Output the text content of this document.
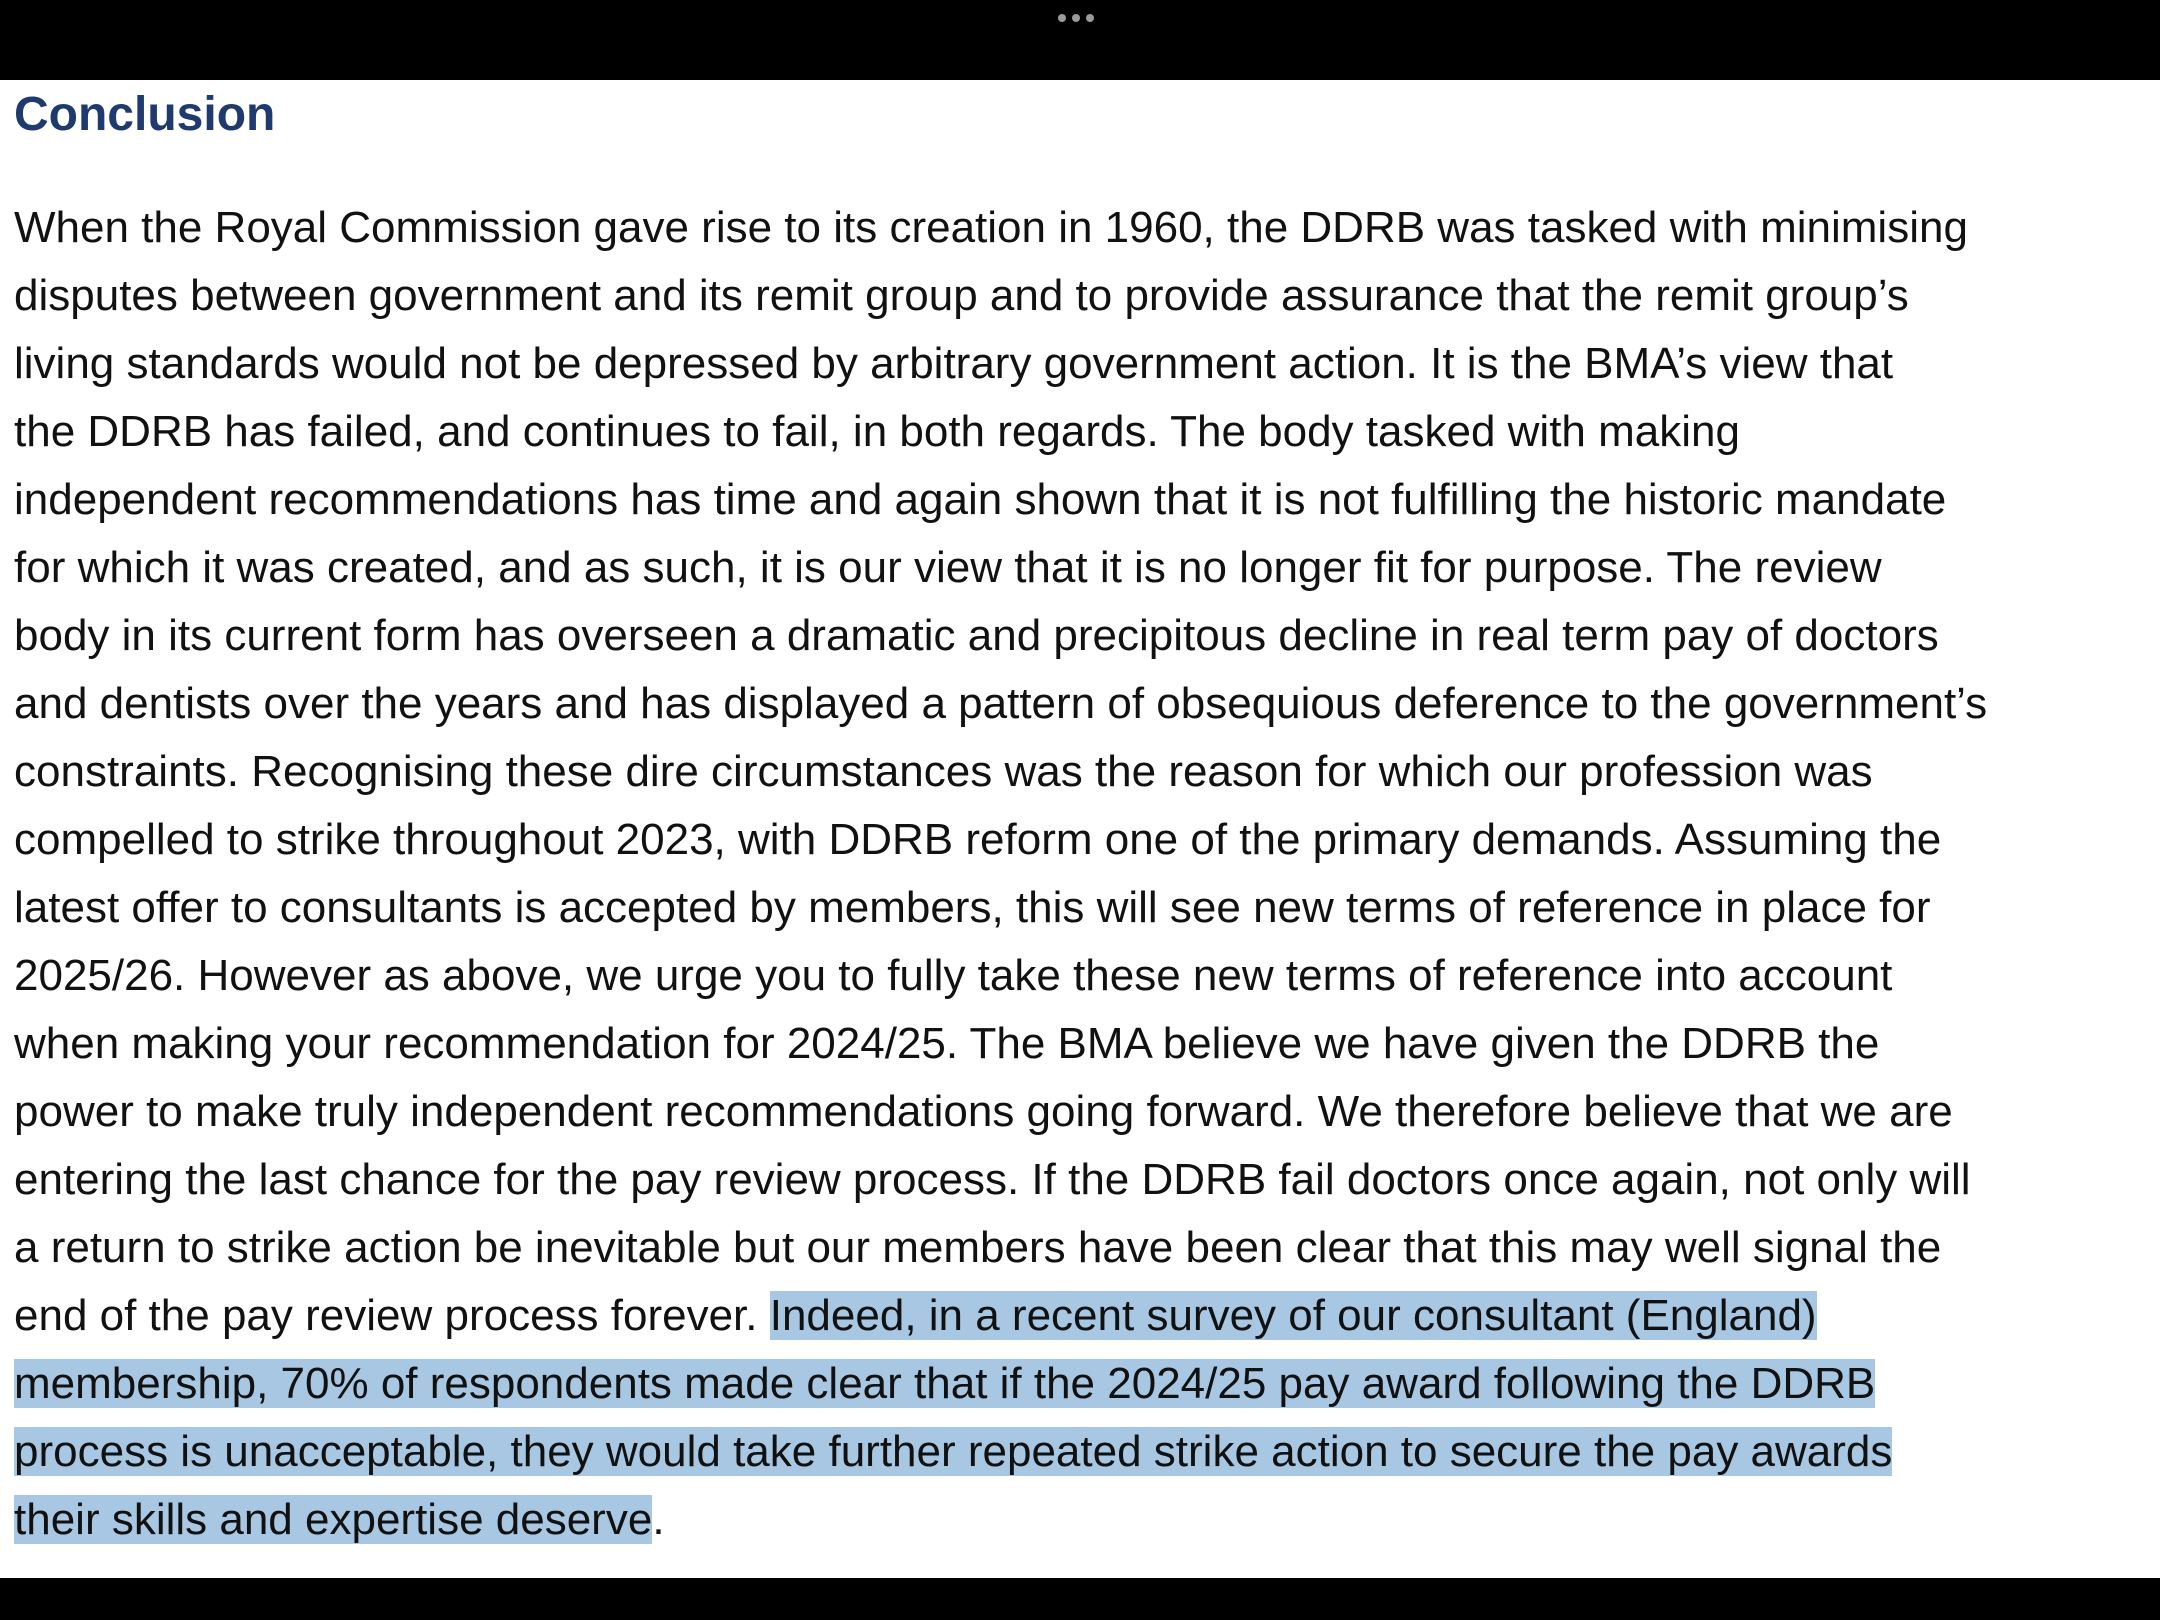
Conclusion
When the Royal Commission gave rise to its creation in 1960, the DDRB was tasked with minimising
disputes between government and its remit group and to provide assurance that the remit group’s
living standards would not be depressed by arbitrary government action. It is the BMA’s view that
the DDRB has failed, and continues to fail, in both regards. The body tasked with making
independent recommendations has time and again shown that it is not fulfilling the historic mandate
for which it was created, and as such, it is our view that it is no longer fit for purpose. The review
body in its current form has overseen a dramatic and precipitous decline in real term pay of doctors
and dentists over the years and has displayed a pattern of obsequious deference to the government’s
constraints. Recognising these dire circumstances was the reason for which our profession was
compelled to strike throughout 2023, with DDRB reform one of the primary demands. Assuming the
latest offer to consultants is accepted by members, this will see new terms of reference in place for
2025/26. However as above, we urge you to fully take these new terms of reference into account
when making your recommendation for 2024/25. The BMA believe we have given the DDRB the
power to make truly independent recommendations going forward. We therefore believe that we are
entering the last chance for the pay review process. If the DDRB fail doctors once again, not only will
a return to strike action be inevitable but our members have been clear that this may well signal the
end of the pay review process forever. Indeed, in a recent survey of our consultant (England)
membership, 70% of respondents made clear that if the 2024/25 pay award following the DDRB
process is unacceptable, they would take further repeated strike action to secure the pay awards
their skills and expertise deserve.
